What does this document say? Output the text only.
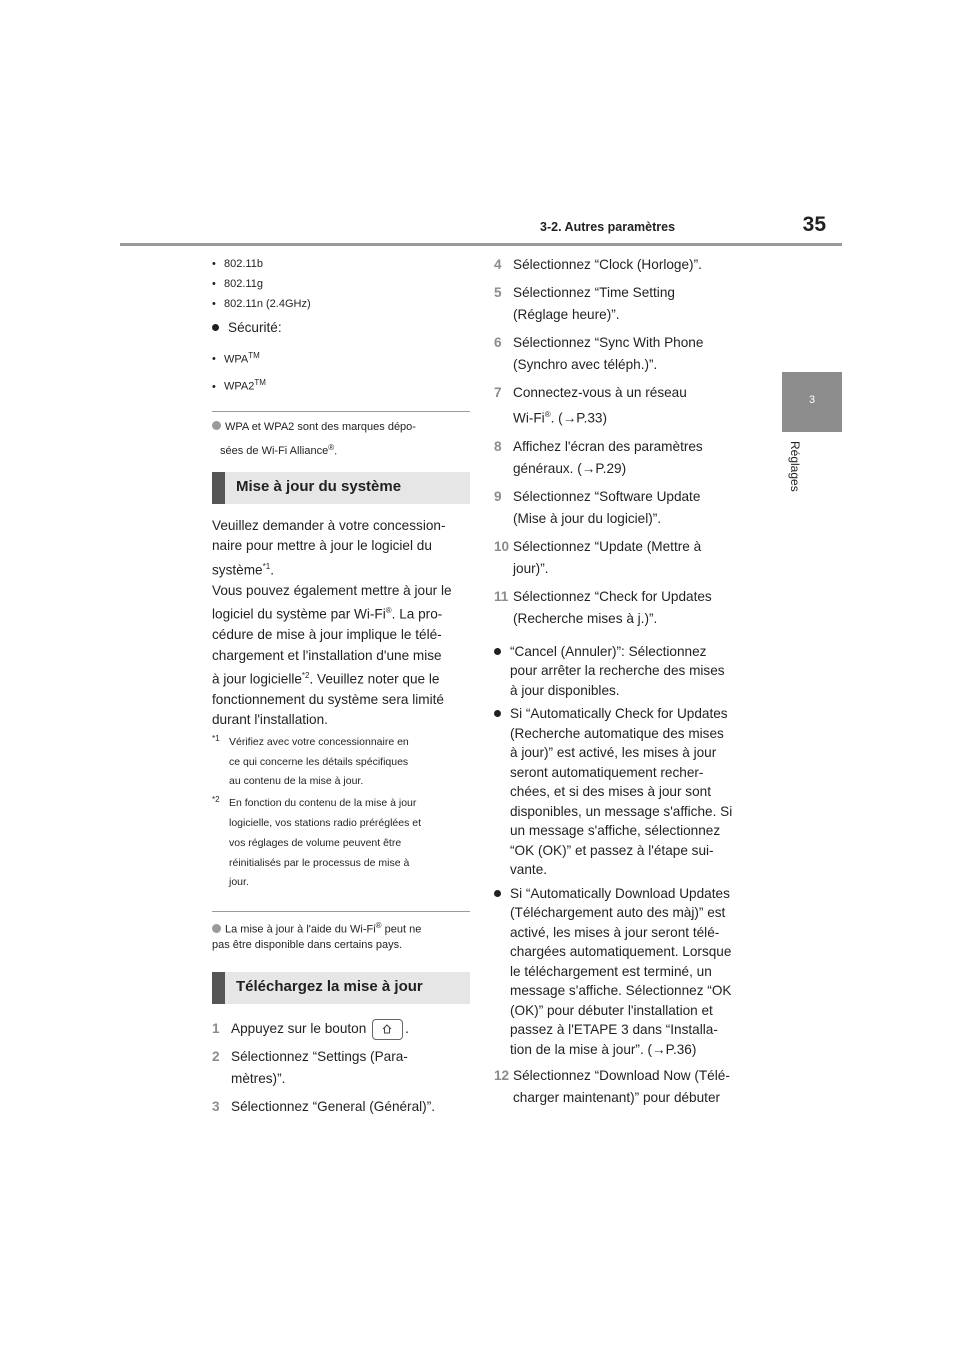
3-2. Autres paramètres	35
3
Réglages
• 802.11b
• 802.11g
• 802.11n (2.4GHz)
Sécurité:
• WPA™
• WPA2™
WPA et WPA2 sont des marques dépo-
sées de Wi-Fi Alliance®.
Mise à jour du système
Veuillez demander à votre concession-
naire pour mettre à jour le logiciel du
système$^{*1}$.
Vous pouvez également mettre à jour le
logiciel du système par Wi-Fi®. La pro-
cédure de mise à jour implique le télé-
chargement et l'installation d'une mise
à jour logicielle$^{*2}$. Veuillez noter que le
fonctionnement du système sera limité
durant l'installation.
*1 Vérifiez avec votre concessionnaire en
ce qui concerne les détails spécifiques
au contenu de la mise à jour.
*2 En fonction du contenu de la mise à jour
logicielle, vos stations radio préréglées et
vos réglages de volume peuvent être
réinitialisés par le processus de mise à
jour.
La mise à jour à l'aide du Wi-Fi® peut ne
pas être disponible dans certains pays.
Téléchargez la mise à jour
1 Appuyez sur le bouton	.
2 Sélectionnez “Settings (Para-
mètres)”.
3 Sélectionnez “General (Général)”.
4 Sélectionnez “Clock (Horloge)”.
5 Sélectionnez “Time Setting
(Réglage heure)”.
6 Sélectionnez “Sync With Phone
(Synchro avec téléph.)”.
7 Connectez-vous à un réseau
Wi-Fi®. (→P.33)
8 Affichez l'écran des paramètres
généraux. (→P.29)
9 Sélectionnez “Software Update
(Mise à jour du logiciel)”.
10 Sélectionnez “Update (Mettre à
jour)”.
11 Sélectionnez “Check for Updates
(Recherche mises à j.)”.
“Cancel (Annuler)”: Sélectionnez
pour arrêter la recherche des mises
à jour disponibles.
Si “Automatically Check for Updates
(Recherche automatique des mises
à jour)” est activé, les mises à jour
seront automatiquement recher-
chées, et si des mises à jour sont
disponibles, un message s'affiche. Si
un message s'affiche, sélectionnez
“OK (OK)” et passez à l'étape sui-
vante.
Si “Automatically Download Updates
(Téléchargement auto des màj)” est
activé, les mises à jour seront télé-
chargées automatiquement. Lorsque
le téléchargement est terminé, un
message s'affiche. Sélectionnez “OK
(OK)” pour débuter l'installation et
passez à l'ETAPE 3 dans “Installa-
tion de la mise à jour”. (→P.36)
12 Sélectionnez “Download Now (Télé-
charger maintenant)” pour débuter
